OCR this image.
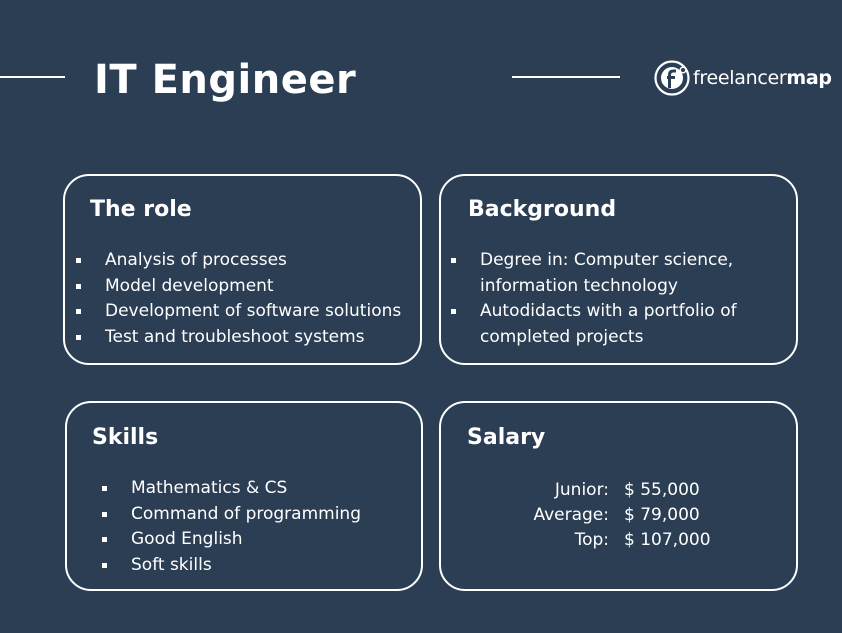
IT Engineer	freelancermap
The role
Analysis of processes
Model development
Development of software solutions
Test and troubleshoot systems
Background
Degree in: Computer science, information technology
Autodidacts with a portfolio of completed projects
Skills
Mathematics & CS
Command of programming
Good English
Soft skills
Salary
Junior: $ 55,000
Average: $ 79,000
Top: $ 107,000
